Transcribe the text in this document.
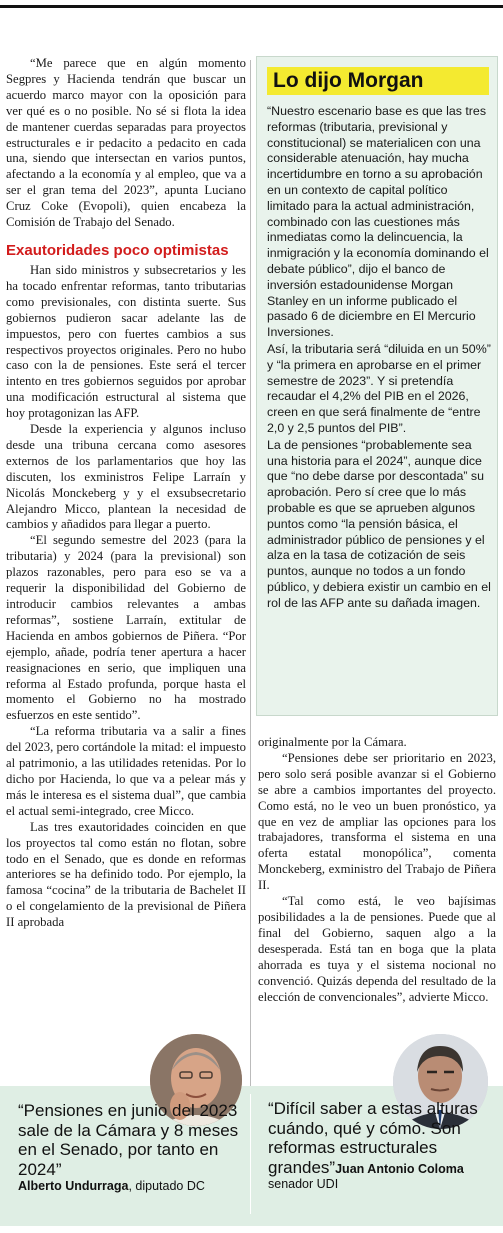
“Me parece que en algún momento Segpres y Hacienda tendrán que buscar un acuerdo marco mayor con la oposición para ver qué es o no posible. No sé si flota la idea de mantener cuerdas separadas para proyectos estructurales e ir pedacito a pedacito en cada una, siendo que intersectan en varios puntos, afectando a la economía y al empleo, que va a ser el gran tema del 2023”, apunta Luciano Cruz Coke (Evopoli), quien encabeza la Comisión de Trabajo del Senado.

Exautoridades poco optimistas

Han sido ministros y subsecretarios y les ha tocado enfrentar reformas, tanto tributarias como previsionales, con distinta suerte. Sus gobiernos pudieron sacar adelante las de impuestos, pero con fuertes cambios a sus respectivos proyectos originales. Pero no hubo caso con la de pensiones. Este será el tercer intento en tres gobiernos seguidos por aprobar una modificación estructural al sistema que hoy protagonizan las AFP.

Desde la experiencia y algunos incluso desde una tribuna cercana como asesores externos de los parlamentarios que hoy las discuten, los exministros Felipe Larraín y Nicolás Monckeberg y y el exsubsecretario Alejandro Micco, plantean la necesidad de cambios y añadidos para llegar a puerto.

“El segundo semestre del 2023 (para la tributaria) y 2024 (para la previsional) son plazos razonables, pero para eso se va a requerir la disponibilidad del Gobierno de introducir cambios relevantes a ambas reformas”, sostiene Larraín, extitular de Hacienda en ambos gobiernos de Piñera. “Por ejemplo, añade, podría tener apertura a hacer reasignaciones en serio, que impliquen una reforma al Estado profunda, porque hasta el momento el Gobierno no ha mostrado esfuerzos en este sentido”.

“La reforma tributaria va a salir a fines del 2023, pero cortándole la mitad: el impuesto al patrimonio, a las utilidades retenidas. Por lo dicho por Hacienda, lo que va a pelear más y más le interesa es el sistema dual”, que cambia el actual semi-integrado, cree Micco.

Las tres exautoridades coinciden en que los proyectos tal como están no flotan, sobre todo en el Senado, que es donde en reformas anteriores se ha definido todo. Por ejemplo, la famosa “cocina” de la tributaria de Bachelet II o el congelamiento de la previsional de Piñera II aprobada

Lo dijo Morgan

“Nuestro escenario base es que las tres reformas (tributaria, previsional y constitucional) se materialicen con una considerable atenuación, hay mucha incertidumbre en torno a su aprobación en un contexto de capital político limitado para la actual administración, combinado con las cuestiones más inmediatas como la delincuencia, la inmigración y la economía dominando el debate público”, dijo el banco de inversión estadounidense Morgan Stanley en un informe publicado el pasado 6 de diciembre en El Mercurio Inversiones.

Así, la tributaria será “diluida en un 50%” y “la primera en aprobarse en el primer semestre de 2023”. Y si pretendía recaudar el 4,2% del PIB en el 2026, creen en que será finalmente de “entre 2,0 y 2,5 puntos del PIB”.

La de pensiones “probablemente sea una historia para el 2024”, aunque dice que “no debe darse por descontada” su aprobación. Pero sí cree que lo más probable es que se aprueben algunos puntos como “la pensión básica, el administrador público de pensiones y el alza en la tasa de cotización de seis puntos, aunque no todos a un fondo público, y debiera existir un cambio en el rol de las AFP ante su dañada imagen.

originalmente por la Cámara.

“Pensiones debe ser prioritario en 2023, pero solo será posible avanzar si el Gobierno se abre a cambios importantes del proyecto. Como está, no le veo un buen pronóstico, ya que en vez de ampliar las opciones para los trabajadores, transforma el sistema en una oferta estatal monopólica”, comenta Monckeberg, exministro del Trabajo de Piñera II.

“Tal como está, le veo bajísimas posibilidades a la de pensiones. Puede que al final del Gobierno, saquen algo a la desesperada. Está tan en boga que la plata ahorrada es tuya y el sistema nocional no convenció. Quizás dependa del resultado de la elección de convencionales”, advierte Micco.

“Pensiones en junio del 2023 sale de la Cámara y 8 meses en el Senado, por tanto en 2024”
Alberto Undurraga, diputado DC
“Difícil saber a estas alturas cuándo, qué y cómo. Son reformas estructurales grandes”Juan Antonio Coloma
senador UDI
